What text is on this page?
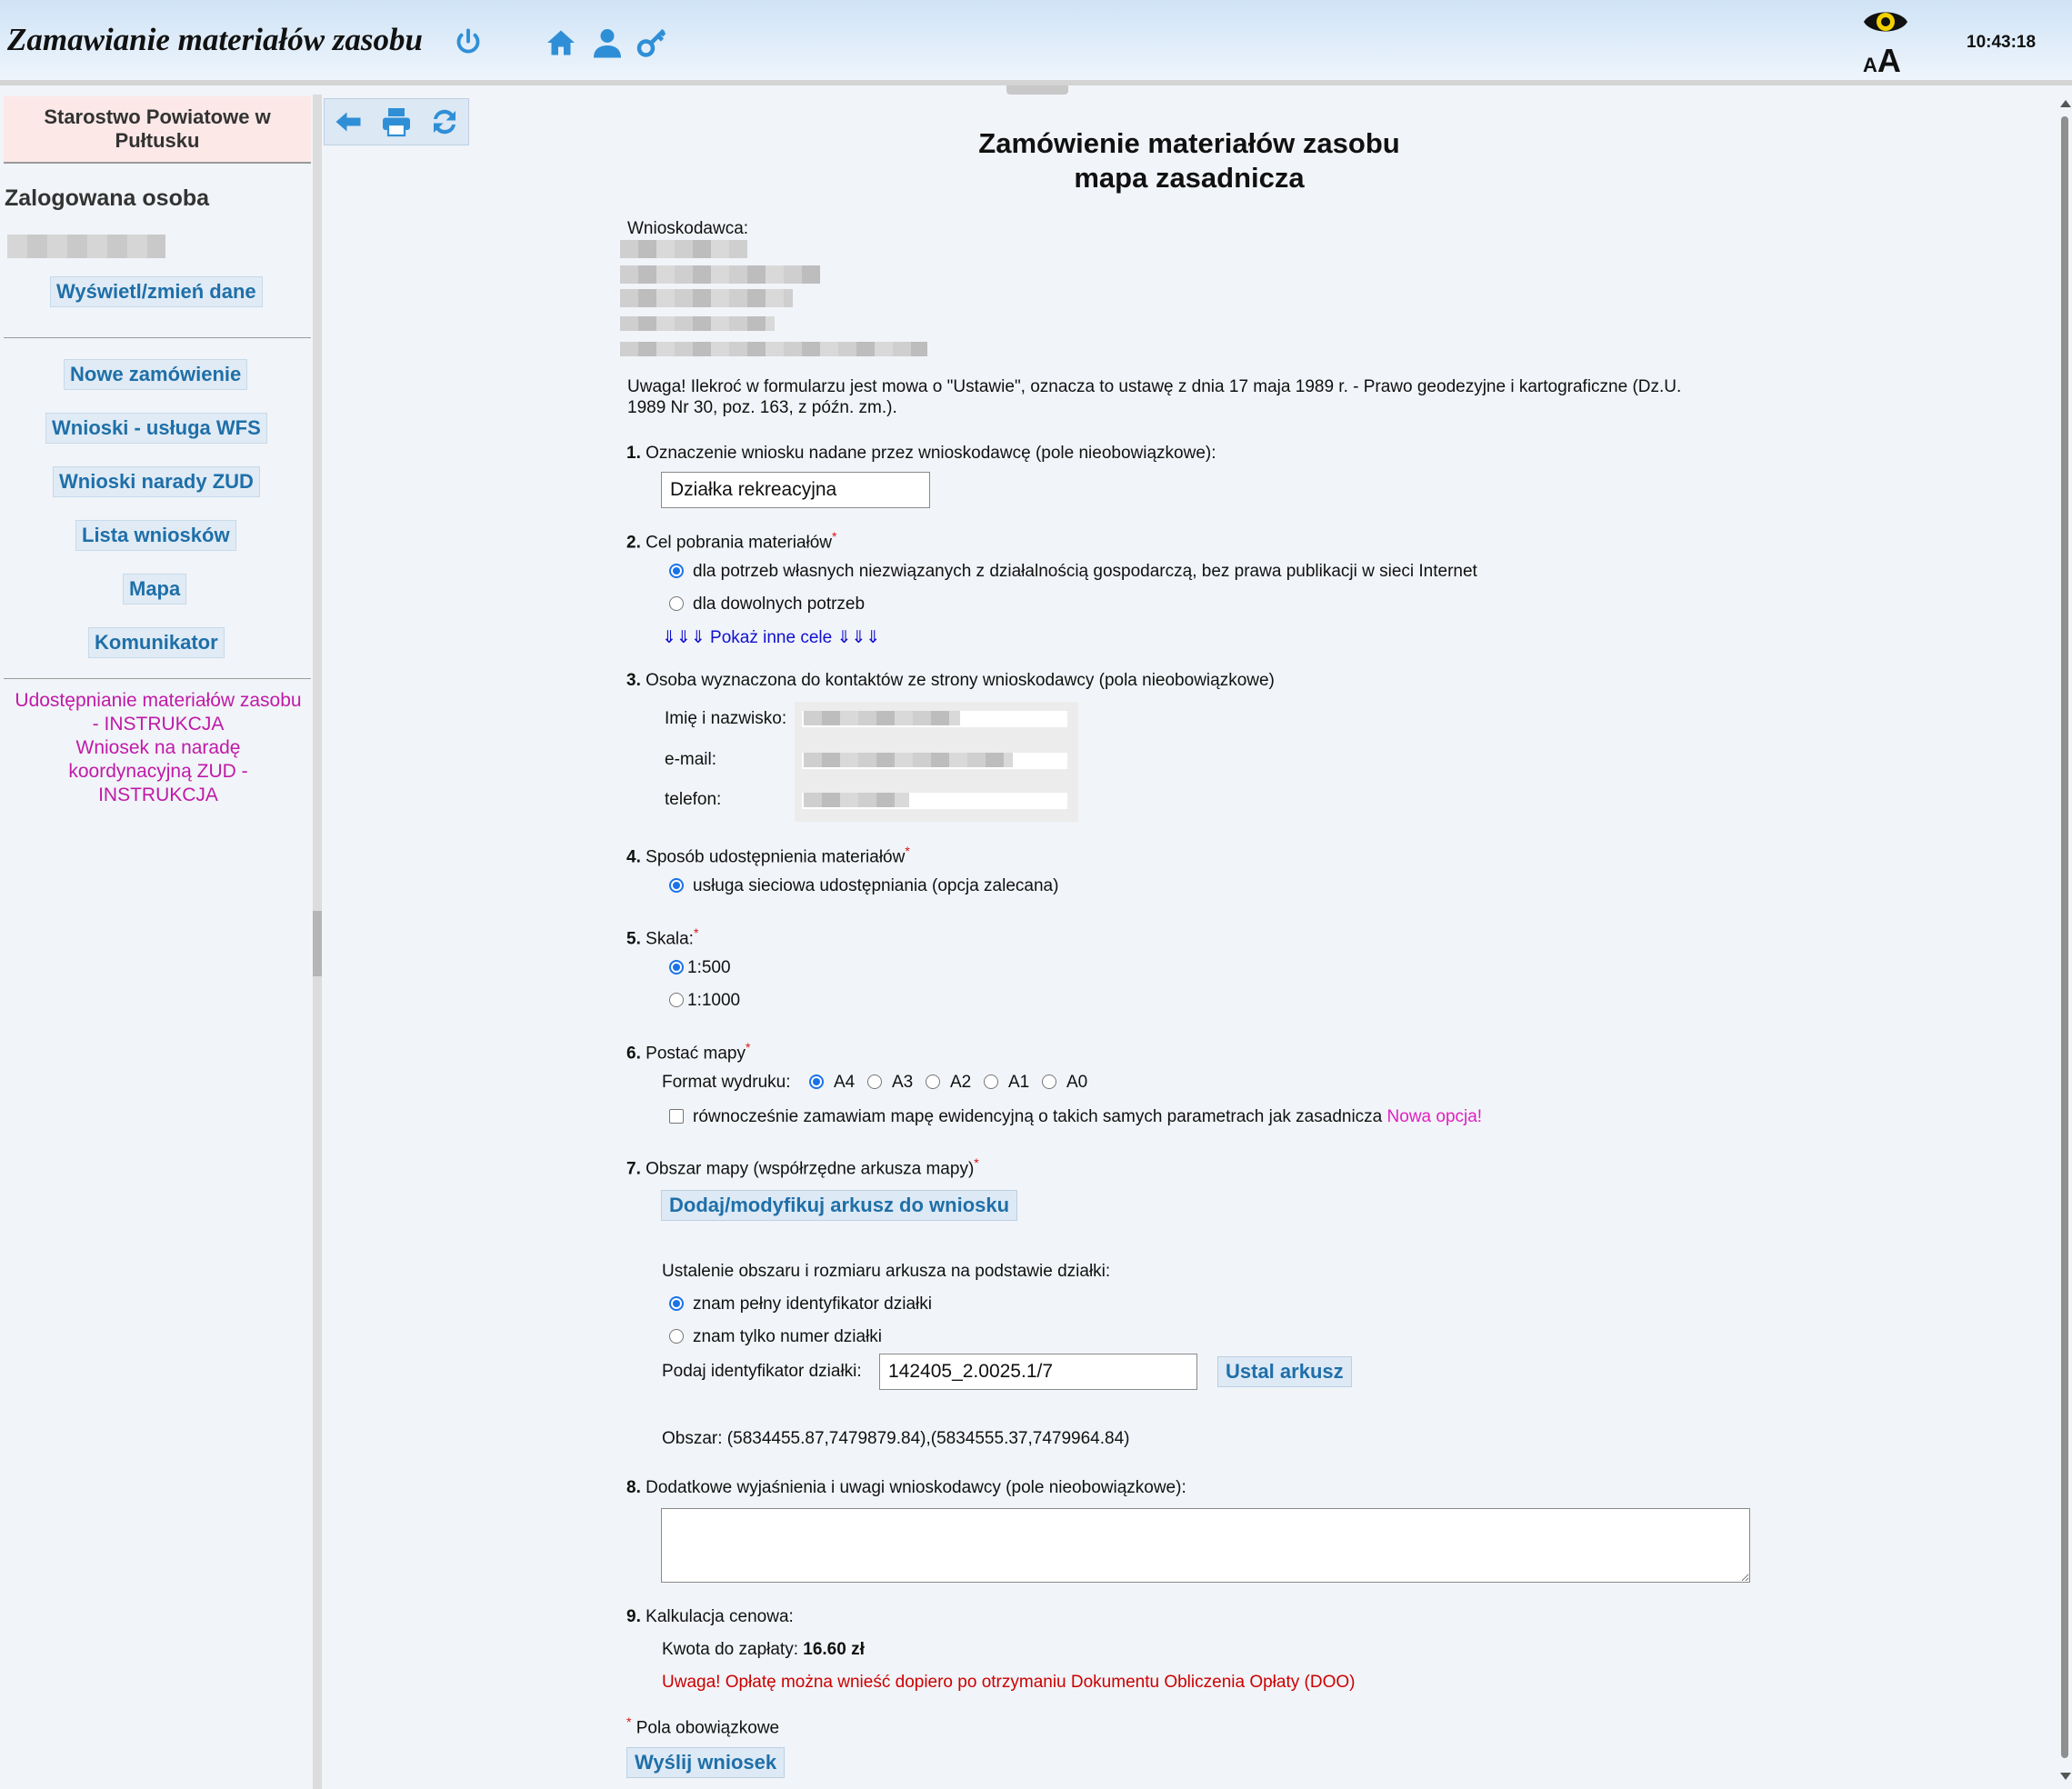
Zamawianie materiałów zasobu
AA	10:43:18
Starostwo Powiatowe w Pułtusku
Zalogowana osoba
Wyświetl/zmień dane
Nowe zamówienie
Wnioski - usługa WFS
Wnioski narady ZUD
Lista wniosków
Mapa
Komunikator
Udostępnianie materiałów zasobu
- INSTRUKCJA
Wniosek na naradę
koordynacyjną ZUD -
INSTRUKCJA
Zamówienie materiałów zasobu
mapa zasadnicza
Wnioskodawca:
Uwaga! Ilekroć w formularzu jest mowa o "Ustawie", oznacza to ustawę z dnia 17 maja 1989 r. - Prawo geodezyjne i kartograficzne (Dz.U.
1989 Nr 30, poz. 163, z późn. zm.).
1. Oznaczenie wniosku nadane przez wnioskodawcę (pole nieobowiązkowe):
Działka rekreacyjna
2. Cel pobrania materiałów*
dla potrzeb własnych niezwiązanych z działalnością gospodarczą, bez prawa publikacji w sieci Internet
dla dowolnych potrzeb
⇓⇓⇓ Pokaż inne cele ⇓⇓⇓
3. Osoba wyznaczona do kontaktów ze strony wnioskodawcy (pola nieobowiązkowe)
Imię i nazwisko:
e-mail:
telefon:
4. Sposób udostępnienia materiałów*
usługa sieciowa udostępniania (opcja zalecana)
5. Skala:*
1:500
1:1000
6. Postać mapy*
Format wydruku:	A4 A3 A2 A1 A0
równocześnie zamawiam mapę ewidencyjną o takich samych parametrach jak zasadnicza Nowa opcja!
7. Obszar mapy (współrzędne arkusza mapy)*
Dodaj/modyfikuj arkusz do wniosku
Ustalenie obszaru i rozmiaru arkusza na podstawie działki:
znam pełny identyfikator działki
znam tylko numer działki
Podaj identyfikator działki:
142405_2.0025.1/7	Ustal arkusz
Obszar: (5834455.87,7479879.84),(5834555.37,7479964.84)
8. Dodatkowe wyjaśnienia i uwagi wnioskodawcy (pole nieobowiązkowe):
9. Kalkulacja cenowa:
Kwota do zapłaty: 16.60 zł
Uwaga! Opłatę można wnieść dopiero po otrzymaniu Dokumentu Obliczenia Opłaty (DOO)
* Pola obowiązkowe
Wyślij wniosek
